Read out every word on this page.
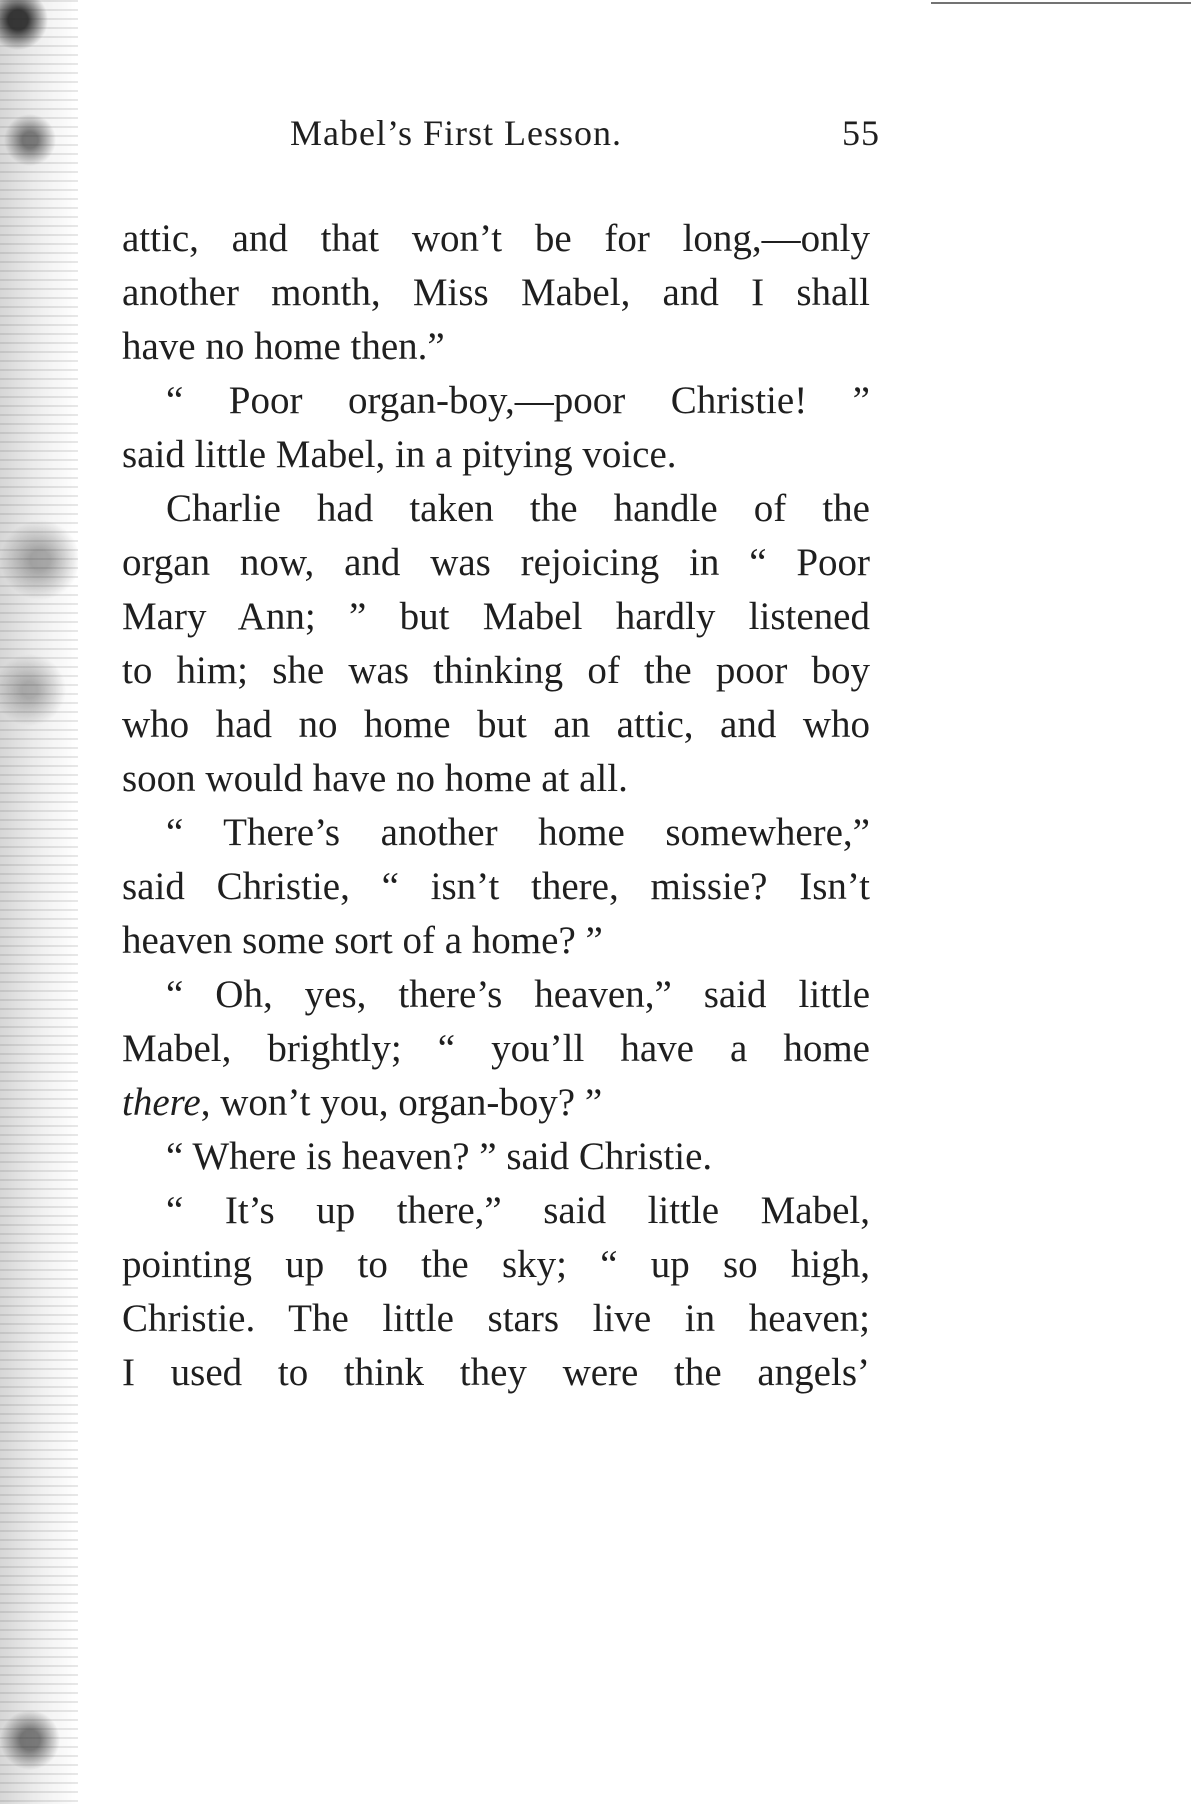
Mabel’s First Lesson.	55
attic, and that won’t be for long,—only
another month, Miss Mabel, and I shall
have no home then.”
“ Poor organ-boy,—poor Christie! ”
said little Mabel, in a pitying voice.
Charlie had taken the handle of the
organ now, and was rejoicing in “ Poor
Mary Ann; ” but Mabel hardly listened
to him; she was thinking of the poor boy
who had no home but an attic, and who
soon would have no home at all.
“ There’s another home somewhere,”
said Christie, “ isn’t there, missie? Isn’t
heaven some sort of a home? ”
“ Oh, yes, there’s heaven,” said little
Mabel, brightly; “ you’ll have a home
there, won’t you, organ-boy? ”
“ Where is heaven? ” said Christie.
“ It’s up there,” said little Mabel,
pointing up to the sky; “ up so high,
Christie. The little stars live in heaven;
I used to think they were the angels’
